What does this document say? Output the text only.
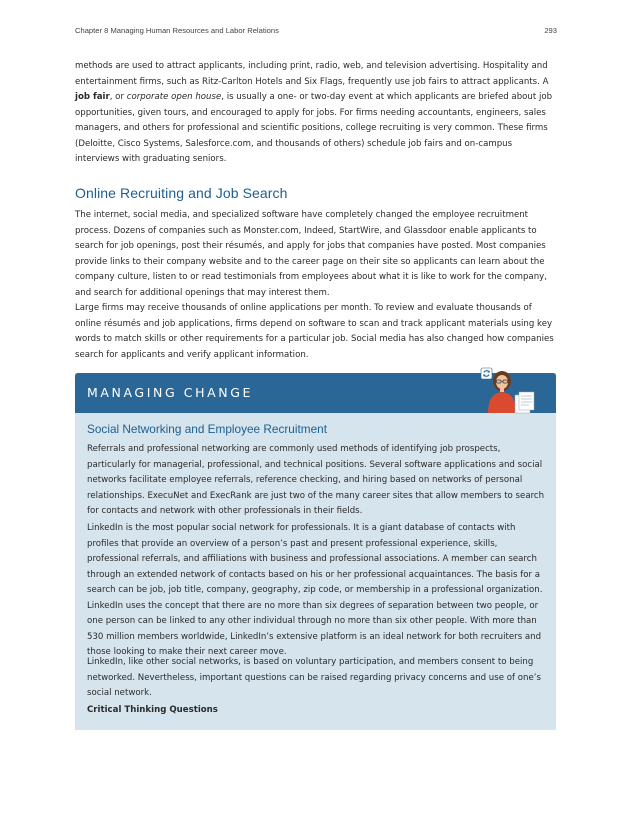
Chapter 8 Managing Human Resources and Labor Relations	293

methods are used to attract applicants, including print, radio, web, and television advertising. Hospitality and entertainment firms, such as Ritz-Carlton Hotels and Six Flags, frequently use job fairs to attract applicants. A job fair, or corporate open house, is usually a one- or two-day event at which applicants are briefed about job opportunities, given tours, and encouraged to apply for jobs. For firms needing accountants, engineers, sales managers, and others for professional and scientific positions, college recruiting is very common. These firms (Deloitte, Cisco Systems, Salesforce.com, and thousands of others) schedule job fairs and on-campus interviews with graduating seniors.

Online Recruiting and Job Search

The internet, social media, and specialized software have completely changed the employee recruitment process. Dozens of companies such as Monster.com, Indeed, StartWire, and Glassdoor enable applicants to search for job openings, post their résumés, and apply for jobs that companies have posted. Most companies provide links to their company website and to the career page on their site so applicants can learn about the company culture, listen to or read testimonials from employees about what it is like to work for the company, and search for additional openings that may interest them.

Large firms may receive thousands of online applications per month. To review and evaluate thousands of online résumés and job applications, firms depend on software to scan and track applicant materials using key words to match skills or other requirements for a particular job. Social media has also changed how companies search for applicants and verify applicant information.

MANAGING CHANGE
Social Networking and Employee Recruitment

Referrals and professional networking are commonly used methods of identifying job prospects, particularly for managerial, professional, and technical positions. Several software applications and social networks facilitate employee referrals, reference checking, and hiring based on networks of personal relationships. ExecuNet and ExecRank are just two of the many career sites that allow members to search for contacts and network with other professionals in their fields.

LinkedIn is the most popular social network for professionals. It is a giant database of contacts with profiles that provide an overview of a person’s past and present professional experience, skills, professional referrals, and affiliations with business and professional associations. A member can search through an extended network of contacts based on his or her professional acquaintances. The basis for a search can be job, job title, company, geography, zip code, or membership in a professional organization. LinkedIn uses the concept that there are no more than six degrees of separation between two people, or one person can be linked to any other individual through no more than six other people. With more than 530 million members worldwide, LinkedIn’s extensive platform is an ideal network for both recruiters and those looking to make their next career move.

LinkedIn, like other social networks, is based on voluntary participation, and members consent to being networked. Nevertheless, important questions can be raised regarding privacy concerns and use of one’s social network.

Critical Thinking Questions
